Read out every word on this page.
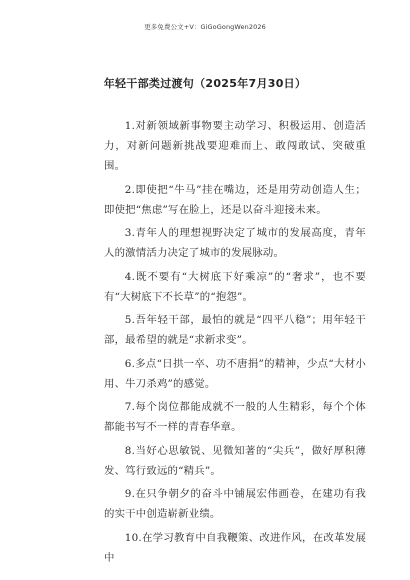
更多免费公文+V：GiGoGongWen2026
年轻干部类过渡句（2025年7月30日）

1.对新领域新事物要主动学习、积极运用、创造活力，对新问题新挑战要迎难而上、敢闯敢试、突破重围。

2.即使把“牛马”挂在嘴边，还是用劳动创造人生；即使把“焦虑”写在脸上，还是以奋斗迎接未来。

3.青年人的理想视野决定了城市的发展高度，青年人的激情活力决定了城市的发展脉动。

4.既不要有“大树底下好乘凉”的“奢求”，也不要有“大树底下不长草”的“抱怨”。

5.吾年轻干部，最怕的就是“四平八稳”；用年轻干部，最希望的就是“求新求变”。

6.多点“日拱一卒、功不唐捐”的精神，少点“大材小用、牛刀杀鸡”的感觉。

7.每个岗位都能成就不一般的人生精彩，每个个体都能书写不一样的青春华章。

8.当好心思敏锐、见微知著的“尖兵”，做好厚积薄发、笃行致远的“精兵”。

9.在只争朝夕的奋斗中铺展宏伟画卷，在建功有我的实干中创造崭新业绩。

10.在学习教育中自我鞭策、改进作风，在改革发展中
